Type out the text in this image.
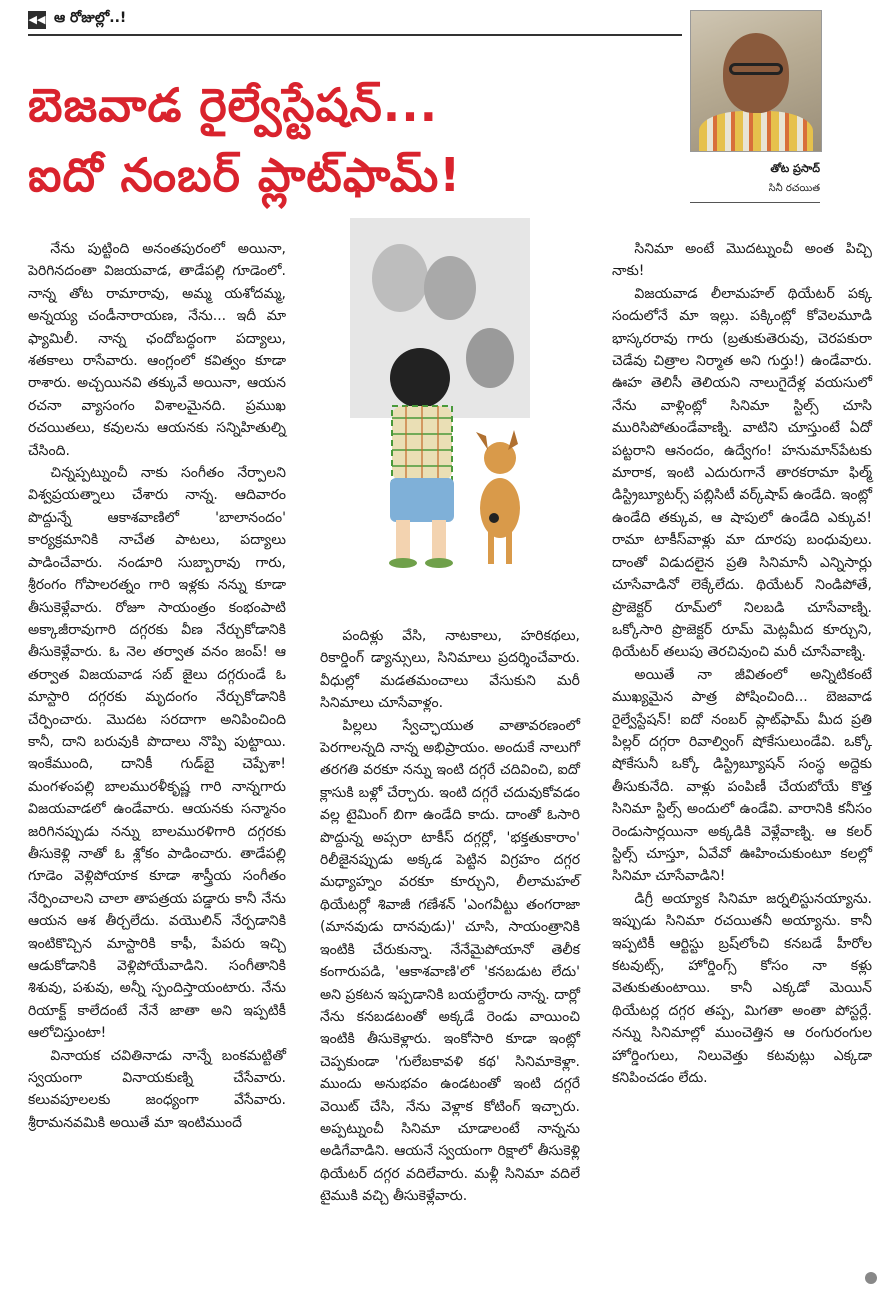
◀◀ ఆ రోజుల్లో..!
బెజవాడ రైల్వేస్టేషన్...
ఐదో నంబర్ ప్లాట్‌ఫామ్!	తోట ప్రసాద్
సినీ రచయిత

నేను పుట్టింది అనంతపురంలో అయినా, పెరిగినదంతా విజయవాడ, తాడేపల్లి గూడెంలో. నాన్న తోట రామారావు, అమ్మ యశోదమ్మ, అన్నయ్య చండీనారాయణ, నేను... ఇదీ మా ఫ్యామిలీ. నాన్న ఛందోబద్ధంగా పద్యాలు, శతకాలు రాసేవారు. ఆంగ్లంలో కవిత్వం కూడా రాశారు. అచ్చయినవి తక్కువే అయినా, ఆయన రచనా వ్యాసంగం విశాలమైనది. ప్రముఖ రచయితలు, కవులను ఆయనకు సన్నిహితుల్ని చేసింది.

చిన్నప్పట్నుంచీ నాకు సంగీతం నేర్పాలని విశ్వప్రయత్నాలు చేశారు నాన్న. ఆదివారం పొద్దున్నే ఆకాశవాణిలో 'బాలానందం' కార్యక్రమానికి నాచేత పాటలు, పద్యాలు పాడించేవారు. నండూరి సుబ్బారావు గారు, శ్రీరంగం గోపాలరత్నం గారి ఇళ్లకు నన్ను కూడా తీసుకెళ్లేవారు. రోజూ సాయంత్రం కంభంపాటి అక్కాజీరావుగారి దగ్గరకు వీణ నేర్చుకోడానికి తీసుకెళ్లేవారు. ఓ నెల తర్వాత వనం జంప్! ఆ తర్వాత విజయవాడ సబ్ జైలు దగ్గరుండే ఓ మాస్టారి దగ్గరకు మృదంగం నేర్చుకోడానికి చేర్పించారు. మొదట సరదాగా అనిపించింది కానీ, దాని బరువుకి పొదాలు నొప్పి పుట్టాయి. ఇంకేముంది, దానికీ గుడ్‌బై చెప్పేశా! మంగళంపల్లి బాలమురళీకృష్ణ గారి నాన్నగారు విజయవాడలో ఉండేవారు. ఆయనకు సన్మానం జరిగినప్పుడు నన్ను బాలమురళిగారి దగ్గరకు తీసుకెళ్లి నాతో ఓ శ్లోకం పాడించారు. తాడేపల్లి గూడెం వెళ్లిపోయాక కూడా శాస్త్రీయ సంగీతం నేర్పించాలని చాలా తాపత్రయ పడ్డారు కానీ నేను ఆయన ఆశ తీర్చలేదు. వయొలిన్ నేర్పడానికి ఇంటికొచ్చిన మాస్టారికి కాఫీ, పేపరు ఇచ్చి ఆడుకోడానికి వెళ్లిపోయేవాడిని. సంగీతానికి శిశువు, పశువు, అన్నీ స్పందిస్తాయంటారు. నేను రియాక్ట్ కాలేదంటే నేనే జాతా అని ఇప్పటికీ ఆలోచిస్తుంటా!

వినాయక చవితినాడు నాన్నే బంకమట్టితో స్వయంగా వినాయకుణ్ని చేసేవారు. కలువపూలలకు జంధ్యంగా వేసేవారు. శ్రీరామనవమికి అయితే మా ఇంటిముందే

పందిళ్లు వేసి, నాటకాలు, హరికథలు, రికార్డింగ్ డ్యాన్సులు, సినిమాలు ప్రదర్శించేవారు. వీధుల్లో మడతమంచాలు వేసుకుని మరీ సినిమాలు చూసేవాళ్లం.

పిల్లలు స్వేచ్ఛాయుత వాతావరణంలో పెరగాలన్నది నాన్న అభిప్రాయం. అందుకే నాలుగో తరగతి వరకూ నన్ను ఇంటి దగ్గరే చదివించి, ఐదో క్లాసుకి బళ్లో చేర్చారు. ఇంటి దగ్గరే చదువుకోవడం వల్ల టైమింగ్ బిగా ఉండేది కాదు. దాంతో ఓసారి పొద్దున్న అప్సరా టాకీస్ దగ్గర్లో, 'భక్తతుకారాం' రిలీజైనప్పుడు అక్కడ పెట్టిన విగ్రహం దగ్గర మధ్యాహ్నం వరకూ కూర్చుని, లీలామహల్ థియేటర్లో శివాజీ గణేశన్ 'ఎంగవీట్టు తంగరాజా (మానవుడు దానవుడు)' చూసి, సాయంత్రానికి ఇంటికి చేరుకున్నా. నేనేమైపోయానో తెలీక కంగారుపడి, 'ఆకాశవాణి'లో 'కనబడుట లేదు' అని ప్రకటన ఇప్పడానికి బయల్దేరారు నాన్న. దార్లో నేను కనబడటంతో అక్కడే రెండు వాయించి ఇంటికి తీసుకెళ్లారు. ఇంకోసారి కూడా ఇంట్లో చెప్పకుండా 'గులేబకావళి కథ' సినిమాకెళ్లా. ముందు అనుభవం ఉండటంతో ఇంటి దగ్గరే వెయిట్ చేసి, నేను వెళ్లాక కోటింగ్ ఇచ్చారు. అప్పట్నుంచీ సినిమా చూడాలంటే నాన్నను అడిగేవాడిని. ఆయనే స్వయంగా రిక్షాలో తీసుకెళ్లి థియేటర్ దగ్గర వదిలేవారు. మళ్లీ సినిమా వదిలే టైముకి వచ్చి తీసుకెళ్లేవారు.

సినిమా అంటే మొదట్నుంచీ అంత పిచ్చి నాకు!

విజయవాడ లీలామహల్ థియేటర్ పక్క సందులోనే మా ఇల్లు. పక్కింట్లో కోవెలమూడి భాస్కరరావు గారు (బ్రతుకుతెరువు, చెరపకురా చెడేవు చిత్రాల నిర్మాత అని గుర్తు!) ఉండేవారు. ఊహ తెలిసీ తెలియని నాలుగైదేళ్ల వయసులో నేను వాళ్లింట్లో సినిమా స్టిల్స్ చూసి మురిసిపోతుండేవాణ్ని. వాటిని చూస్తుంటే ఏదో పట్టరాని ఆనందం, ఉద్వేగం! హనుమాన్‌పేటకు మారాక, ఇంటి ఎదురుగానే తారకరామా ఫిల్మ్ డిస్ట్రిబ్యూటర్స్ పబ్లిసిటీ వర్క్‌షాప్ ఉండేది. ఇంట్లో ఉండేది తక్కువ, ఆ షాపులో ఉండేది ఎక్కువ! రామా టాకీస్‌వాళ్లు మా దూరపు బంధువులు. దాంతో విడుదలైన ప్రతి సినిమానీ ఎన్నిసార్లు చూసేవాడినో లెక్కేలేదు. థియేటర్ నిండిపోతే, ప్రొజెక్టర్ రూమ్‌లో నిలబడి చూసేవాణ్ని. ఒక్కోసారి ప్రొజెక్టర్ రూమ్ మెట్లమీద కూర్చుని, థియేటర్ తలుపు తెరచివుంచి మరీ చూసేవాణ్ని.

అయితే నా జీవితంలో అన్నిటికంటే ముఖ్యమైన పాత్ర పోషించింది... బెజవాడ రైల్వేస్టేషన్! ఐదో నంబర్ ప్లాట్‌ఫామ్ మీద ప్రతి పిల్లర్ దగ్గరా రివాల్వింగ్ షోకేసులుండేవి. ఒక్కో షోకేసునీ ఒక్కో డిస్ట్రిబ్యూషన్ సంస్థ అద్దెకు తీసుకునేది. వాళ్లు పంపిణీ చేయబోయే కొత్త సినిమా స్టిల్స్ అందులో ఉండేవి. వారానికి కనీసం రెండుసార్లయినా అక్కడికి వెళ్లేవాణ్ని. ఆ కలర్ స్టిల్స్ చూస్తూ, ఏవేవో ఊహించుకుంటూ కలల్లో సినిమా చూసేవాడిని!

డిగ్రీ అయ్యాక సినిమా జర్నలిస్టునయ్యాను. ఇప్పుడు సినిమా రచయితనీ అయ్యాను. కానీ ఇప్పటికీ ఆర్టిస్టు బ్రష్‌లోంచి కనబడే హీరోల కటవుట్స్, హోర్డింగ్స్ కోసం నా కళ్లు వెతుకుతుంటాయి. కానీ ఎక్కడో మెయిన్ థియేటర్ల దగ్గర తప్ప, మిగతా అంతా పోస్టర్లే. నన్ను సినిమాల్లో ముంచెత్తిన ఆ రంగురంగుల హోర్డింగులు, నిలువెత్తు కటవుట్లు ఎక్కడా కనిపించడం లేదు.
